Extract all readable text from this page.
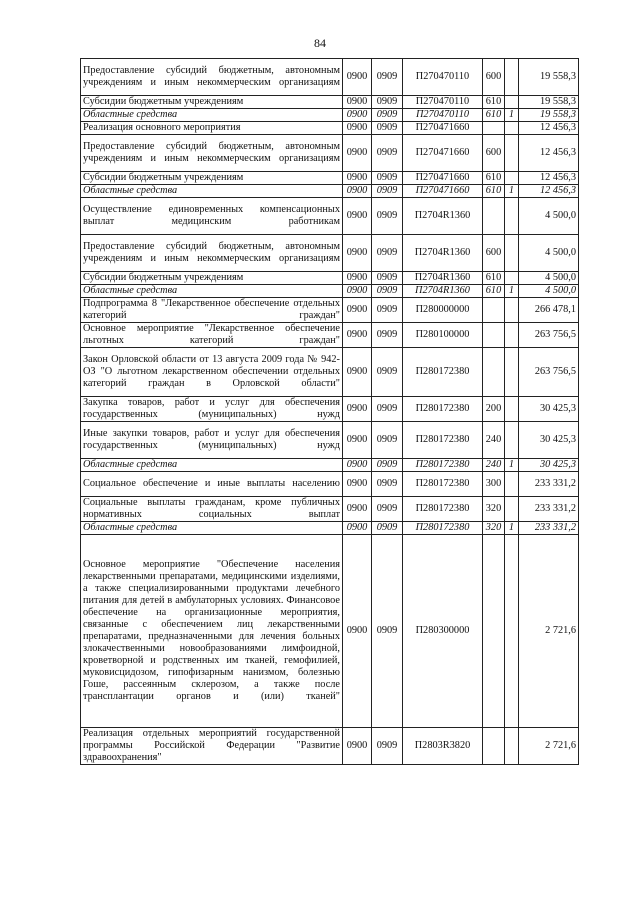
84
Предоставление субсидий бюджетным, автономным учреждениям и иным некоммерческим организациям	0900	0909	П270470110	600		19 558,3
Субсидии бюджетным учреждениям	0900	0909	П270470110	610		19 558,3
Областные средства	0900	0909	П270470110	610	1	19 558,3
Реализация основного мероприятия	0900	0909	П270471660			12 456,3
Предоставление субсидий бюджетным, автономным учреждениям и иным некоммерческим организациям	0900	0909	П270471660	600		12 456,3
Субсидии бюджетным учреждениям	0900	0909	П270471660	610		12 456,3
Областные средства	0900	0909	П270471660	610	1	12 456,3
Осуществление единовременных компенсационных выплат медицинским работникам	0900	0909	П2704R1360			4 500,0
Предоставление субсидий бюджетным, автономным учреждениям и иным некоммерческим организациям	0900	0909	П2704R1360	600		4 500,0
Субсидии бюджетным учреждениям	0900	0909	П2704R1360	610		4 500,0
Областные средства	0900	0909	П2704R1360	610	1	4 500,0
Подпрограмма 8 "Лекарственное обеспечение отдельных категорий граждан"	0900	0909	П280000000			266 478,1
Основное мероприятие "Лекарственное обеспечение льготных категорий граждан"	0900	0909	П280100000			263 756,5
Закон Орловской области от 13 августа 2009 года № 942-ОЗ "О льготном лекарственном обеспечении отдельных категорий граждан в Орловской области"	0900	0909	П280172380			263 756,5
Закупка товаров, работ и услуг для обеспечения государственных (муниципальных) нужд	0900	0909	П280172380	200		30 425,3
Иные закупки товаров, работ и услуг для обеспечения государственных (муниципальных) нужд	0900	0909	П280172380	240		30 425,3
Областные средства	0900	0909	П280172380	240	1	30 425,3
Социальное обеспечение и иные выплаты населению	0900	0909	П280172380	300		233 331,2
Социальные выплаты гражданам, кроме публичных нормативных социальных выплат	0900	0909	П280172380	320		233 331,2
Областные средства	0900	0909	П280172380	320	1	233 331,2
Основное мероприятие "Обеспечение населения лекарственными препаратами, медицинскими изделиями, а также специализированными продуктами лечебного питания для детей в амбулаторных условиях. Финансовое обеспечение на организационные мероприятия, связанные с обеспечением лиц лекарственными препаратами, предназначенными для лечения больных злокачественными новообразованиями лимфоидной, кроветворной и родственных им тканей, гемофилией, муковисцидозом, гипофизарным нанизмом, болезнью Гоше, рассеянным склерозом, а также после трансплантации органов и (или) тканей"	0900	0909	П280300000			2 721,6
Реализация отдельных мероприятий государственной программы Российской Федерации "Развитие здравоохранения"	0900	0909	П2803R3820			2 721,6
